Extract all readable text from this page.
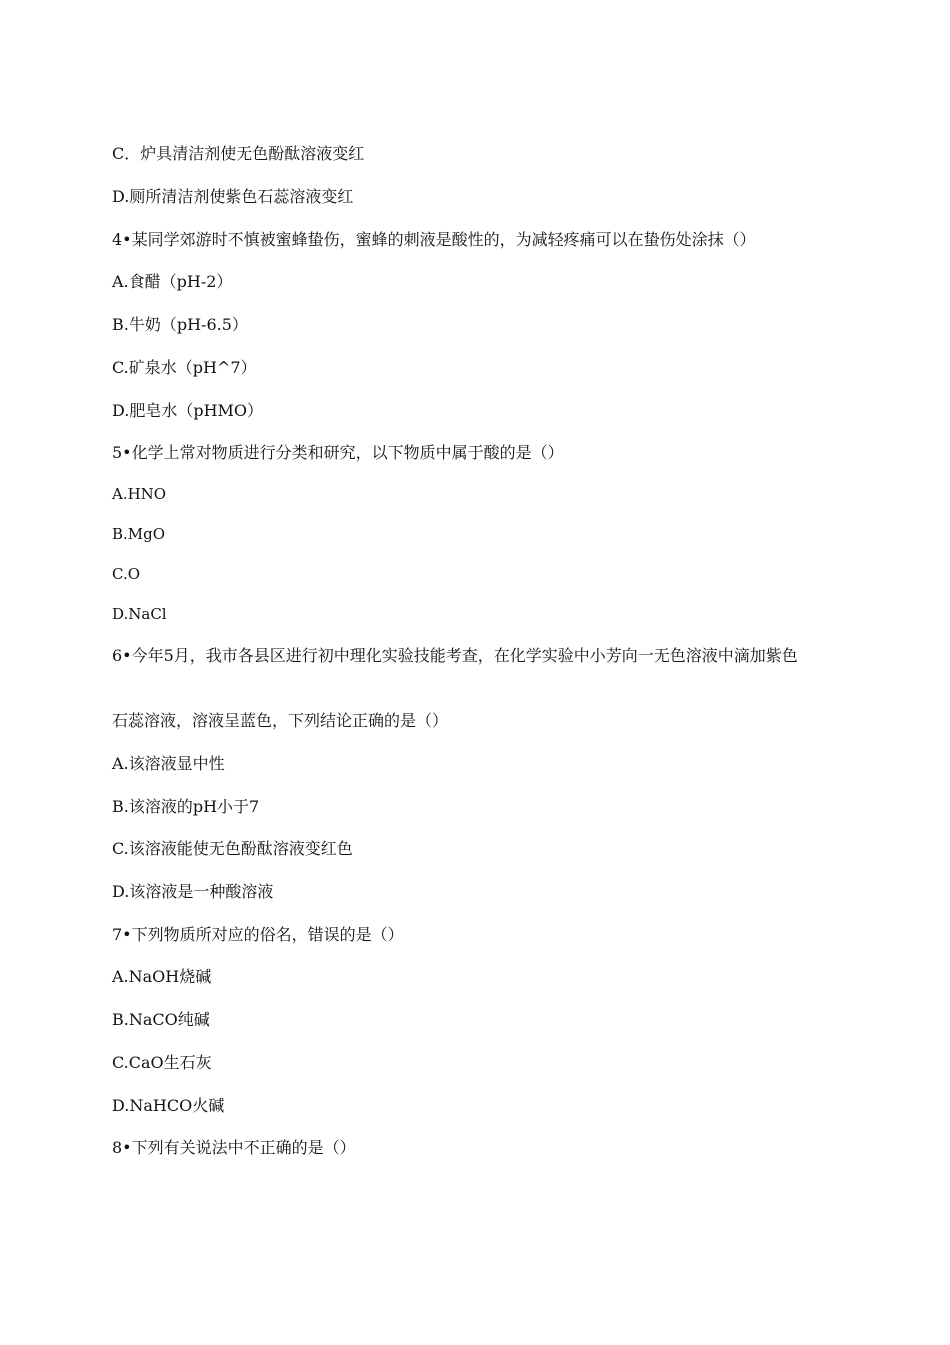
C．炉具清洁剂使无色酚酞溶液变红
D.厕所清洁剂使紫色石蕊溶液变红
4•某同学郊游时不慎被蜜蜂蛰伤，蜜蜂的刺液是酸性的，为减轻疼痛可以在蛰伤处涂抹（）
A.食醋（pH-2）
B.牛奶（pH-6.5）
C.矿泉水（pH^7）
D.肥皂水（pHMO）
5•化学上常对物质进行分类和研究，以下物质中属于酸的是（）
A.HNO
B.MgO
C.O
D.NaCl
6•今年5月，我市各县区进行初中理化实验技能考查，在化学实验中小芳向一无色溶液中滴加紫色
石蕊溶液，溶液呈蓝色，下列结论正确的是（）
A.该溶液显中性
B.该溶液的pH小于7
C.该溶液能使无色酚酞溶液变红色
D.该溶液是一种酸溶液
7•下列物质所对应的俗名，错误的是（）
A.NaOH烧碱
B.NaCO纯碱
C.CaO生石灰
D.NaHCO火碱
8•下列有关说法中不正确的是（）
